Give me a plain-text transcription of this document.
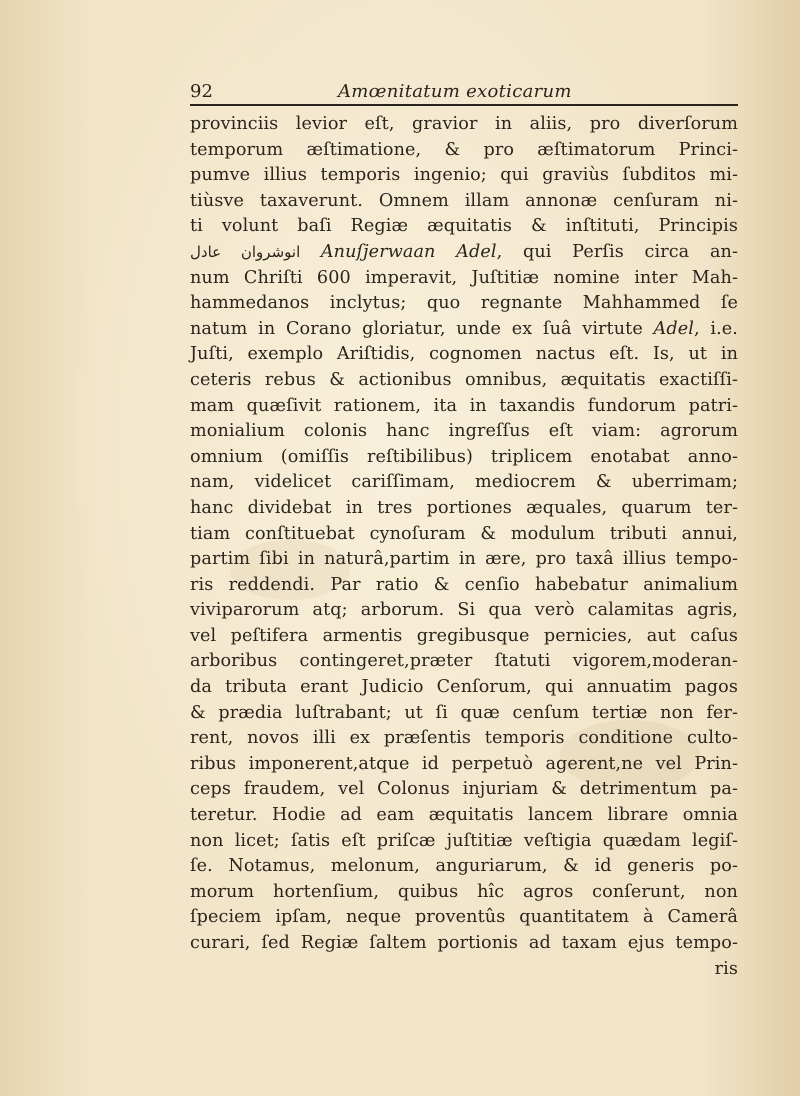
92	Amœnitatum exoticarum
provinciis levior eſt, gravior in aliis, pro diverſorum
temporum æſtimatione, & pro æſtimatorum Princi-
pumve illius temporis ingenio; qui graviùs ſubditos mi-
tiùsve taxaverunt. Omnem illam annonæ cenſuram ni-
ti volunt baſi Regiæ æquitatis & inſtituti, Principis
انوشروان عادل Anuſjerwaan Adel, qui Perſis circa an-
num Chriſti 600 imperavit, Juſtitiæ nomine inter Mah-
hammedanos inclytus; quo regnante Mahhammed ſe
natum in Corano gloriatur, unde ex ſuâ virtute Adel, i.e.
Juſti, exemplo Ariſtidis, cognomen nactus eſt. Is, ut in
ceteris rebus & actionibus omnibus, æquitatis exactiſſi-
mam quæſivit rationem, ita in taxandis fundorum patri-
monialium colonis hanc ingreſſus eſt viam: agrorum
omnium (omiſſis reſtibilibus) triplicem enotabat anno-
nam, videlicet cariſſimam, mediocrem & uberrimam;
hanc dividebat in tres portiones æquales, quarum ter-
tiam conſtituebat cynoſuram & modulum tributi annui,
partim ſibi in naturâ,partim in ære, pro taxâ illius tempo-
ris reddendi. Par ratio & cenſio habebatur animalium
viviparorum atq; arborum. Si qua verò calamitas agris,
vel peſtifera armentis gregibusque pernicies, aut caſus
arboribus contingeret,præter ſtatuti vigorem,moderan-
da tributa erant Judicio Cenſorum, qui annuatim pagos
& prædia luſtrabant; ut ſi quæ cenſum tertiæ non fer-
rent, novos illi ex præſentis temporis conditione culto-
ribus imponerent,atque id perpetuò agerent,ne vel Prin-
ceps fraudem, vel Colonus injuriam & detrimentum pa-
teretur. Hodie ad eam æquitatis lancem librare omnia
non licet; ſatis eſt priſcæ juſtitiæ veſtigia quædam legiſ-
ſe. Notamus, melonum, anguriarum, & id generis po-
morum hortenſium, quibus hîc agros conſerunt, non
ſpeciem ipſam, neque proventûs quantitatem à Camerâ
curari, ſed Regiæ ſaltem portionis ad taxam ejus tempo-
ris
